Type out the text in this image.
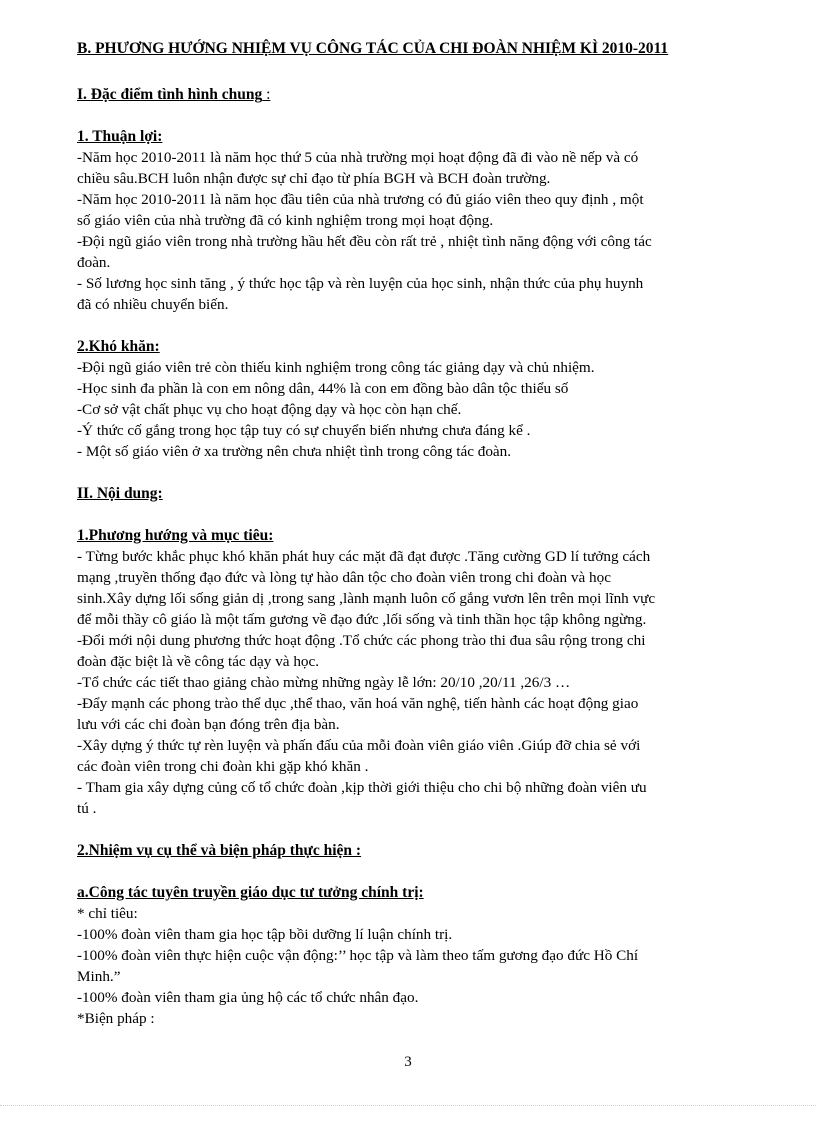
B. PHƯƠNG HƯỚNG NHIỆM VỤ CÔNG TÁC CỦA CHI ĐOÀN NHIỆM KÌ 2010-2011

I. Đặc điểm tình hình chung :

1. Thuận lợi:

-Năm học 2010-2011 là năm học thứ 5 của nhà trường mọi hoạt động đã đi vào nề nếp và có

chiều sâu.BCH luôn nhận được sự chỉ đạo từ phía BGH và BCH đoàn trường.

-Năm học 2010-2011 là năm học đầu tiên của nhà trương có đủ giáo viên theo quy định , một

số giáo viên của nhà trường đã có kinh nghiệm trong mọi hoạt động.

-Đội ngũ giáo viên trong nhà trường hầu hết đều còn rất trẻ , nhiệt tình năng động với công tác

đoàn.

- Số lương học sinh tăng , ý thức học tập và rèn luyện của học sinh, nhận thức của phụ huynh

đã có nhiều chuyển biến.

2.Khó khăn:

-Đội ngũ giáo viên trẻ còn thiếu kinh nghiệm trong công tác giảng dạy và chủ nhiệm.

-Học sinh đa phần là con em nông dân, 44% là con em đồng bào dân tộc thiểu số

-Cơ sở vật chất phục vụ cho hoạt động dạy và học còn hạn chế.

-Ý thức cố gắng trong học tập tuy có sự chuyển biến nhưng chưa đáng kể .

- Một số giáo viên ở xa trường nên chưa nhiệt tình trong công tác đoàn.

II. Nội dung:

1.Phương hướng và mục tiêu:

- Từng bước khắc phục khó khăn phát huy các mặt đã đạt được .Tăng cường GD lí tưởng cách

mạng ,truyền thống đạo đức và lòng tự hào dân tộc cho đoàn viên trong chi đoàn và học

sinh.Xây dựng lối sống giản dị ,trong sang ,lành mạnh luôn cố gắng vươn lên trên mọi lĩnh vực

để mỗi thầy cô giáo là một tấm gương về đạo đức ,lối sống và tinh thần học tập không ngừng.

-Đổi mới nội dung phương thức hoạt động .Tổ chức các phong trào thi đua sâu rộng trong chi

đoàn đặc biệt là về công tác dạy và học.

-Tổ chức các tiết thao giảng chào mừng những ngày lễ lớn: 20/10 ,20/11 ,26/3 …

-Đẩy mạnh các phong trào thể dục ,thể thao, văn hoá văn nghệ, tiến hành các hoạt động giao

lưu với các chi đoàn bạn đóng trên địa bàn.

-Xây dựng ý thức tự rèn luyện và phấn đấu của mỗi đoàn viên giáo viên .Giúp đỡ chia sẻ với

các đoàn viên trong chi đoàn khi gặp khó khăn .

- Tham gia xây dựng củng cố tổ chức đoàn ,kịp thời giới thiệu cho chi bộ những đoàn viên ưu

tú .

2.Nhiệm vụ cụ thể và biện pháp thực hiện :

a.Công tác tuyên truyền giáo dục tư tưởng chính trị:

* chỉ tiêu:

-100% đoàn viên tham gia học tập bồi dưỡng lí luận chính trị.

-100% đoàn viên thực hiện cuộc vận động:’’ học tập và làm theo tấm gương đạo đức Hồ Chí

Minh.”

-100% đoàn viên tham gia ủng hộ các tổ chức nhân đạo.

*Biện pháp :

3
